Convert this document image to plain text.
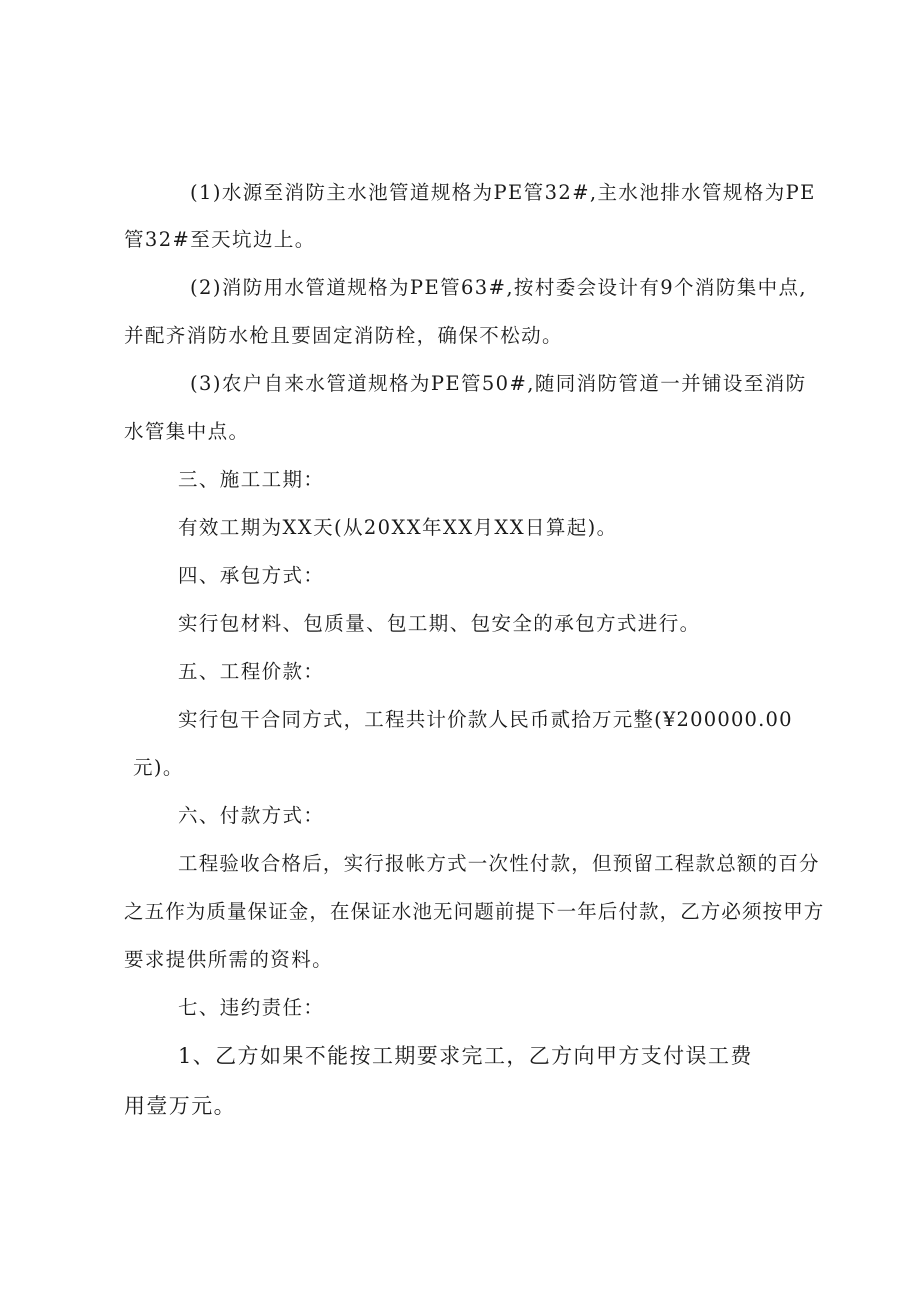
(1)水源至消防主水池管道规格为PE管32#,主水池排水管规格为PE
管32#至天坑边上。
(2)消防用水管道规格为PE管63#,按村委会设计有9个消防集中点,
并配齐消防水枪且要固定消防栓，确保不松动。
(3)农户自来水管道规格为PE管50#,随同消防管道一并铺设至消防
水管集中点。
三、施工工期：
有效工期为XX天(从20XX年XX月XX日算起)。
四、承包方式：
实行包材料、包质量、包工期、包安全的承包方式进行。
五、工程价款：
实行包干合同方式，工程共计价款人民币贰拾万元整(¥200000.00
元)。
六、付款方式：
工程验收合格后，实行报帐方式一次性付款，但预留工程款总额的百分
之五作为质量保证金，在保证水池无问题前提下一年后付款，乙方必须按甲方
要求提供所需的资料。
七、违约责任：
1、乙方如果不能按工期要求完工，乙方向甲方支付误工费
用壹万元。
